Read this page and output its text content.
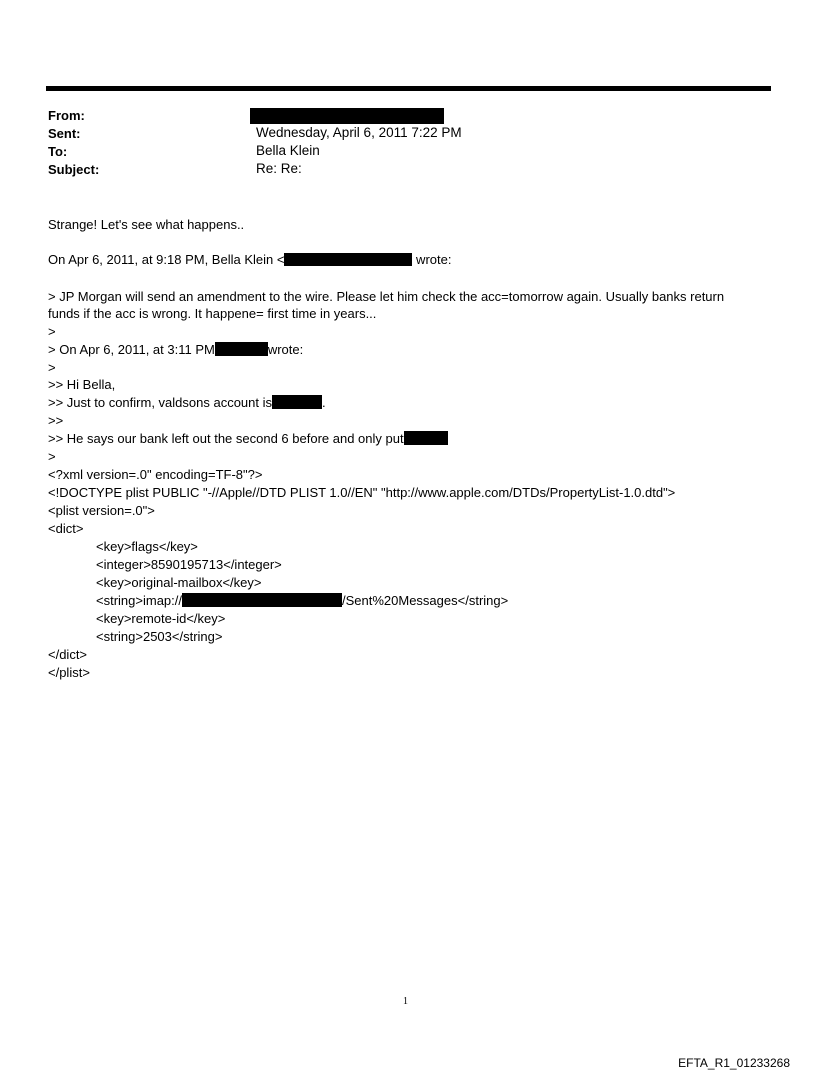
From:
Sent:	Wednesday, April 6, 2011 7:22 PM
To:	Bella Klein
Subject:	Re: Re:
Strange! Let's see what happens..
On Apr 6, 2011, at 9:18 PM, Bella Klein <	wrote:
> JP Morgan will send an amendment to the wire. Please let him check the acc=tomorrow again. Usually banks return
funds if the acc is wrong. It happene= first time in years...
>
> On Apr 6, 2011, at 3:11 PM	wrote:
>
>> Hi Bella,
>> Just to confirm, valdsons account is	.
>>
>> He says our bank left out the second 6 before and only put
>
<?xml version=.0" encoding=TF-8"?>
<!DOCTYPE plist PUBLIC "-//Apple//DTD PLIST 1.0//EN" "http://www.apple.com/DTDs/PropertyList-1.0.dtd">
<plist version=.0">
<dict>
<key>flags</key>
<integer>8590195713</integer>
<key>original-mailbox</key>
<string>imap://	/Sent%20Messages</string>
<key>remote-id</key>
<string>2503</string>
</dict>
</plist>
1
EFTA_R1_01233268
